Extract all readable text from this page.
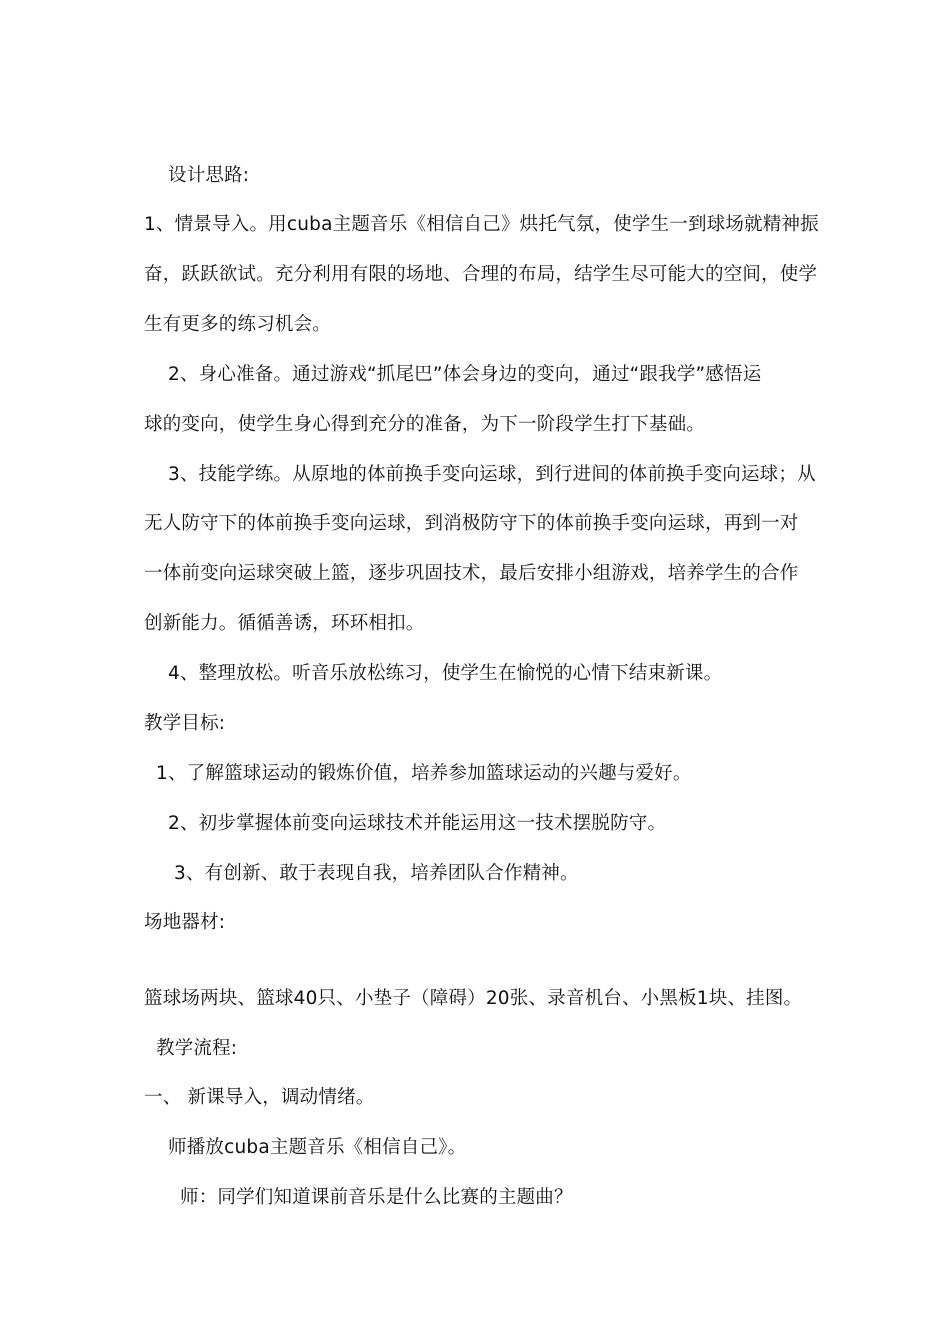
设计思路:
1、情景导入。用cuba主题音乐《相信自己》烘托气氛，使学生一到球场就精神振
奋，跃跃欲试。充分利用有限的场地、合理的布局，结学生尽可能大的空间，使学
生有更多的练习机会。
2、身心准备。通过游戏“抓尾巴”体会身边的变向，通过“跟我学”感悟运
球的变向，使学生身心得到充分的准备，为下一阶段学生打下基础。
3、技能学练。从原地的体前换手变向运球，到行进间的体前换手变向运球；从
无人防守下的体前换手变向运球，到消极防守下的体前换手变向运球，再到一对
一体前变向运球突破上篮，逐步巩固技术，最后安排小组游戏，培养学生的合作
创新能力。循循善诱，环环相扣。
4、整理放松。听音乐放松练习，使学生在愉悦的心情下结束新课。
教学目标:
1、了解篮球运动的锻炼价值，培养参加篮球运动的兴趣与爱好。
2、初步掌握体前变向运球技术并能运用这一技术摆脱防守。
3、有创新、敢于表现自我，培养团队合作精神。
场地器材:
篮球场两块、篮球40只、小垫子（障碍）20张、录音机台、小黑板1块、挂图。
教学流程:
一、 新课导入，调动情绪。
师播放cuba主题音乐《相信自己》。
师：同学们知道课前音乐是什么比赛的主题曲？
